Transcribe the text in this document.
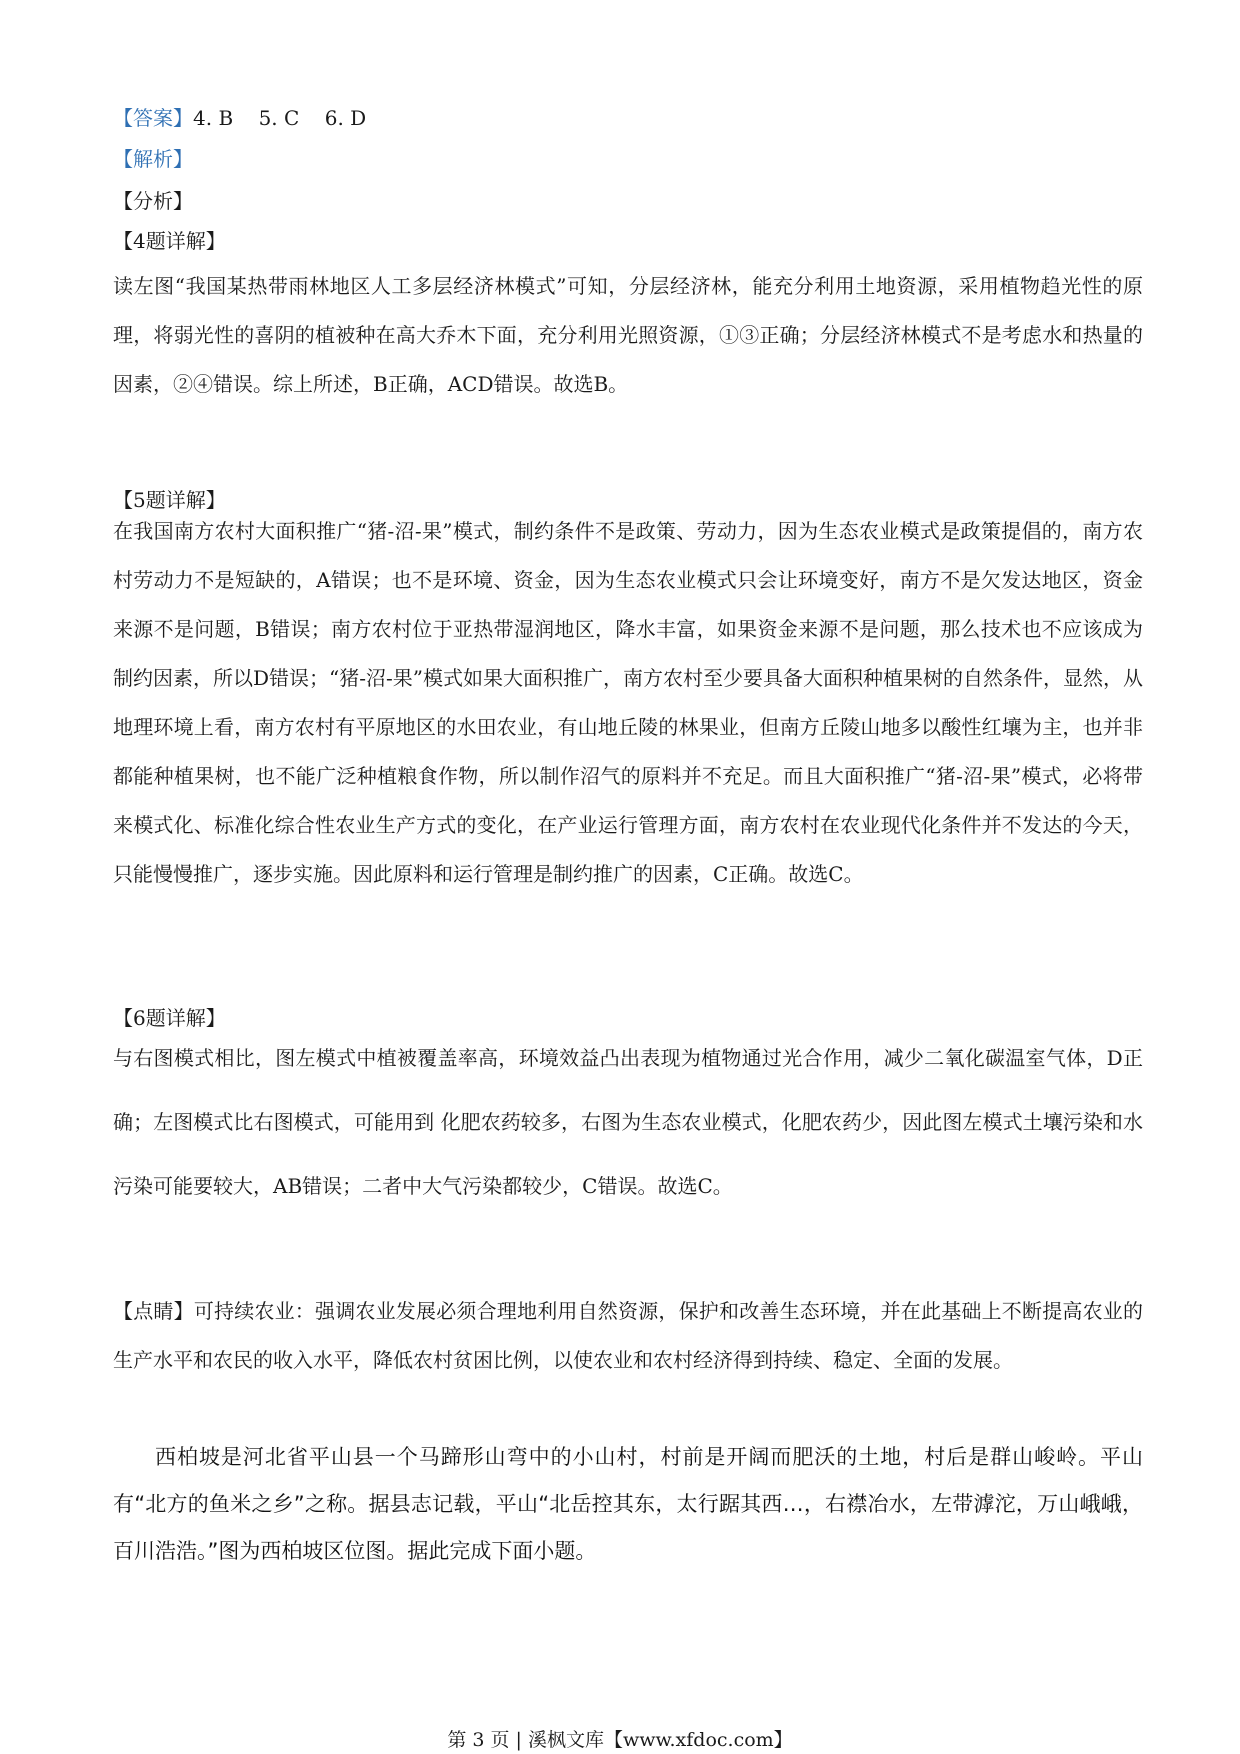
【答案】4. B    5. C    6. D
【解析】
【分析】
【4题详解】
读左图“我国某热带雨林地区人工多层经济林模式”可知，分层经济林，能充分利用土地资源，采用植物趋光性的原理，将弱光性的喜阴的植被种在高大乔木下面，充分利用光照资源，①③正确；分层经济林模式不是考虑水和热量的因素，②④错误。综上所述，B正确，ACD错误。故选B。
【5题详解】
在我国南方农村大面积推广“猪-沼-果”模式，制约条件不是政策、劳动力，因为生态农业模式是政策提倡的，南方农村劳动力不是短缺的，A错误；也不是环境、资金，因为生态农业模式只会让环境变好，南方不是欠发达地区，资金来源不是问题，B错误；南方农村位于亚热带湿润地区，降水丰富，如果资金来源不是问题，那么技术也不应该成为制约因素，所以D错误；“猪-沼-果”模式如果大面积推广，南方农村至少要具备大面积种植果树的自然条件，显然，从地理环境上看，南方农村有平原地区的水田农业，有山地丘陵的林果业，但南方丘陵山地多以酸性红壤为主，也并非都能种植果树，也不能广泛种植粮食作物，所以制作沼气的原料并不充足。而且大面积推广“猪-沼-果”模式，必将带来模式化、标准化综合性农业生产方式的变化，在产业运行管理方面，南方农村在农业现代化条件并不发达的今天，只能慢慢推广，逐步实施。因此原料和运行管理是制约推广的因素，C正确。故选C。
【6题详解】
与右图模式相比，图左模式中植被覆盖率高，环境效益凸出表现为植物通过光合作用，减少二氧化碳温室气体，D正确；左图模式比右图模式，可能用到 化肥农药较多，右图为生态农业模式，化肥农药少，因此图左模式土壤污染和水污染可能要较大，AB错误；二者中大气污染都较少，C错误。故选C。
【点睛】可持续农业：强调农业发展必须合理地利用自然资源，保护和改善生态环境，并在此基础上不断提高农业的生产水平和农民的收入水平，降低农村贫困比例，以使农业和农村经济得到持续、稳定、全面的发展。
西柏坡是河北省平山县一个马蹄形山弯中的小山村，村前是开阔而肥沃的土地，村后是群山峻岭。平山有“北方的鱼米之乡”之称。据县志记载，平山“北岳控其东，太行踞其西…，右襟冶水，左带滹沱，万山峨峨，百川浩浩。”图为西柏坡区位图。据此完成下面小题。
第 3 页 | 溪枫文库【www.xfdoc.com】
